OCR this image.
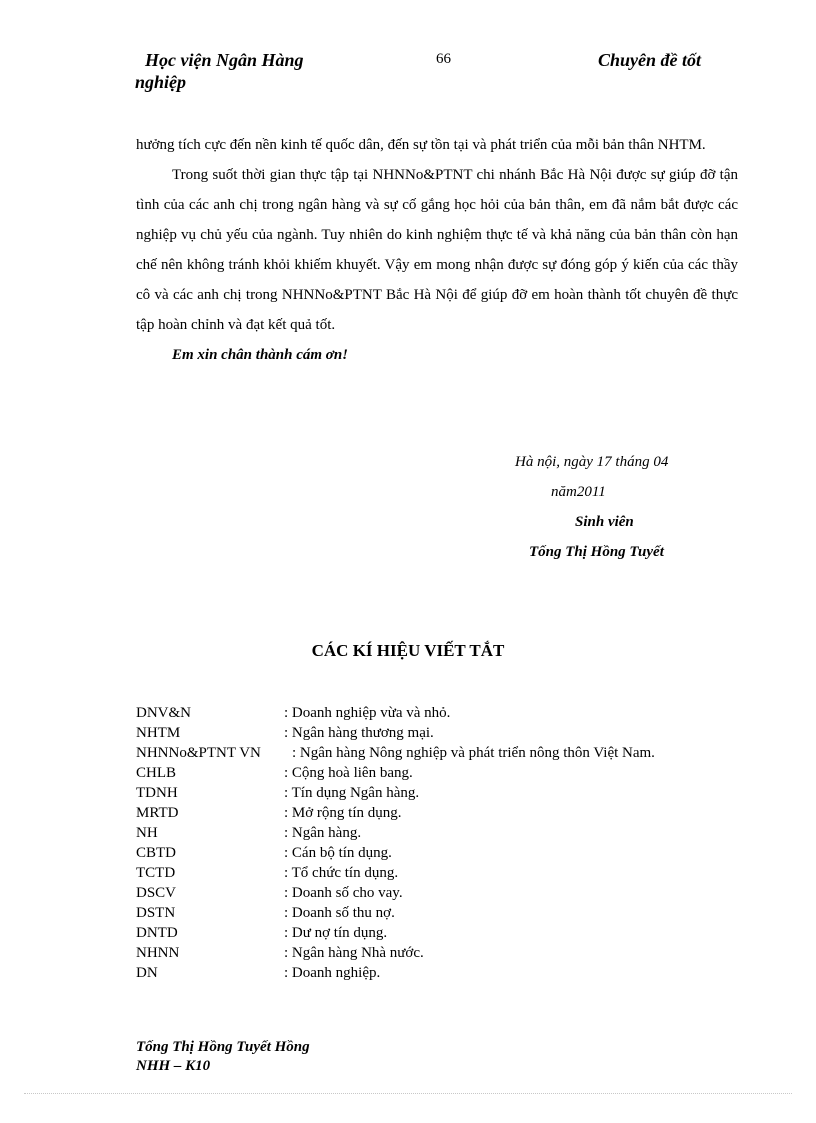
Học viện Ngân Hàng
nghiệp
66	Chuyên đề tốt

hưởng tích cực đến nền kinh tế quốc dân, đến sự tồn tại và phát triển của mỗi bản thân NHTM.

Trong suốt thời gian thực tập tại NHNNo&PTNT chi nhánh Bắc Hà Nội được sự giúp đỡ tận tình của các anh chị trong ngân hàng và sự cố gắng học hỏi của bản thân, em đã nắm bắt được các nghiệp vụ chủ yếu của ngành. Tuy nhiên do kinh nghiệm thực tế và khả năng của bản thân còn hạn chế nên không tránh khỏi khiếm khuyết. Vậy em mong nhận được sự đóng góp ý kiến của các thầy cô và các anh chị trong NHNNo&PTNT Bắc Hà Nội để giúp đỡ em hoàn thành tốt chuyên đề thực tập hoàn chỉnh và đạt kết quả tốt.

Em xin chân thành cám ơn!

Hà nội, ngày 17 tháng 04
năm2011
Sinh viên
Tống Thị Hồng Tuyết
CÁC KÍ HIỆU VIẾT TẮT
DNV&N	: Doanh nghiệp vừa và nhỏ.
NHTM	: Ngân hàng thương mại.
NHNNo&PTNT VN : Ngân hàng Nông nghiệp và phát triển nông thôn Việt Nam.
CHLB	: Cộng hoà liên bang.
TDNH	: Tín dụng Ngân hàng.
MRTD	: Mở rộng tín dụng.
NH	: Ngân hàng.
CBTD	: Cán bộ tín dụng.
TCTD	: Tổ chức tín dụng.
DSCV	: Doanh số cho vay.
DSTN	: Doanh số thu nợ.
DNTD	: Dư nợ tín dụng.
NHNN	: Ngân hàng Nhà nước.
DN	: Doanh nghiệp.
Tống Thị Hồng Tuyết Hồng
NHH – K10
